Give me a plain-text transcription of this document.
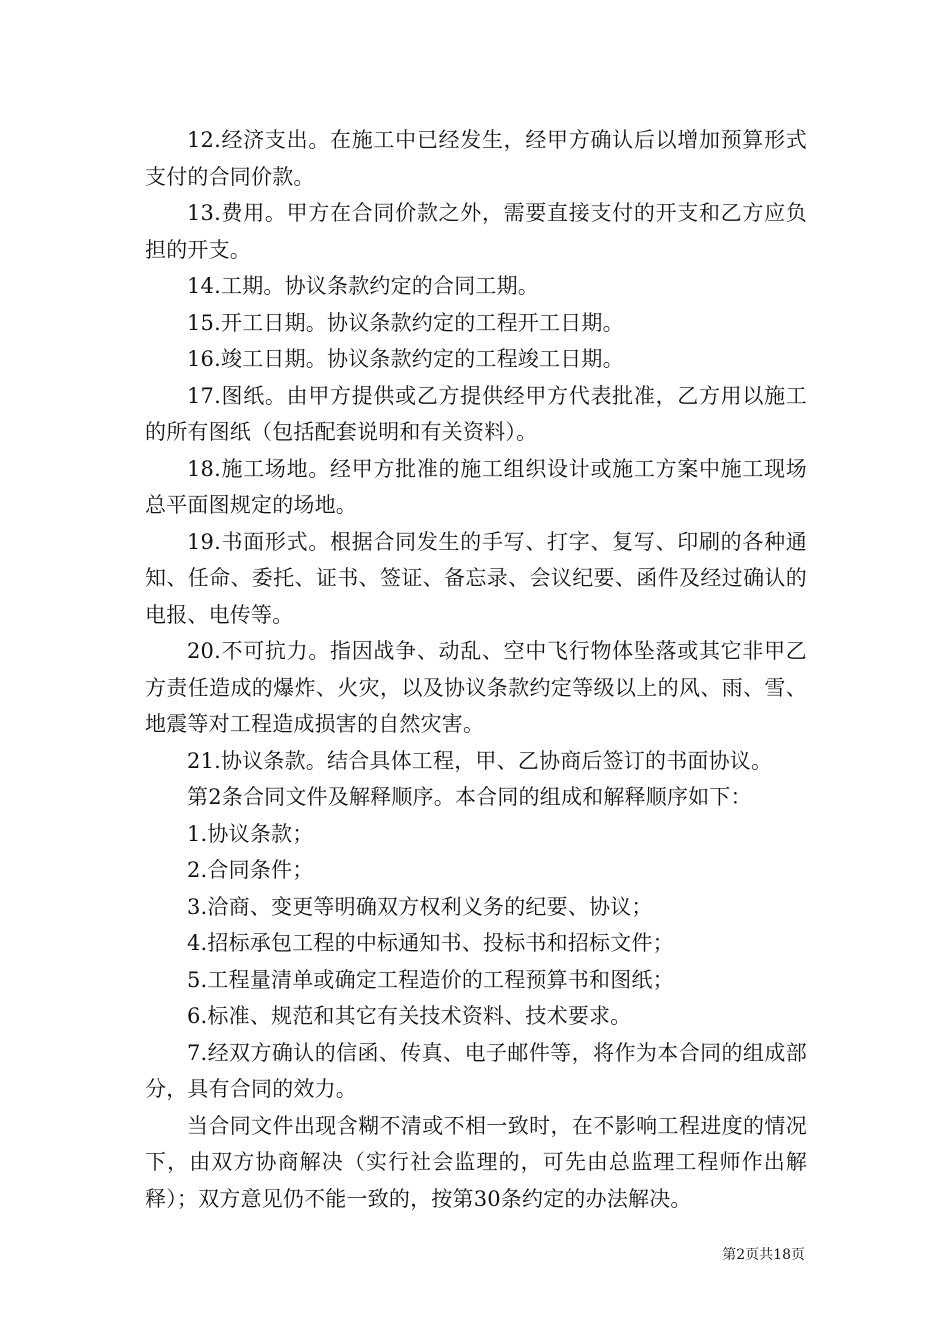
12.经济支出。在施工中已经发生，经甲方确认后以增加预算形式支付的合同价款。

13.费用。甲方在合同价款之外，需要直接支付的开支和乙方应负担的开支。

14.工期。协议条款约定的合同工期。

15.开工日期。协议条款约定的工程开工日期。

16.竣工日期。协议条款约定的工程竣工日期。

17.图纸。由甲方提供或乙方提供经甲方代表批准，乙方用以施工的所有图纸（包括配套说明和有关资料）。

18.施工场地。经甲方批准的施工组织设计或施工方案中施工现场总平面图规定的场地。

19.书面形式。根据合同发生的手写、打字、复写、印刷的各种通知、任命、委托、证书、签证、备忘录、会议纪要、函件及经过确认的电报、电传等。

20.不可抗力。指因战争、动乱、空中飞行物体坠落或其它非甲乙方责任造成的爆炸、火灾，以及协议条款约定等级以上的风、雨、雪、地震等对工程造成损害的自然灾害。

21.协议条款。结合具体工程，甲、乙协商后签订的书面协议。

第2条合同文件及解释顺序。本合同的组成和解释顺序如下：

1.协议条款；

2.合同条件；

3.洽商、变更等明确双方权利义务的纪要、协议；

4.招标承包工程的中标通知书、投标书和招标文件；

5.工程量清单或确定工程造价的工程预算书和图纸；

6.标准、规范和其它有关技术资料、技术要求。

7.经双方确认的信函、传真、电子邮件等，将作为本合同的组成部分，具有合同的效力。

当合同文件出现含糊不清或不相一致时，在不影响工程进度的情况下，由双方协商解决（实行社会监理的，可先由总监理工程师作出解释）；双方意见仍不能一致的，按第30条约定的办法解决。

第2页共18页
